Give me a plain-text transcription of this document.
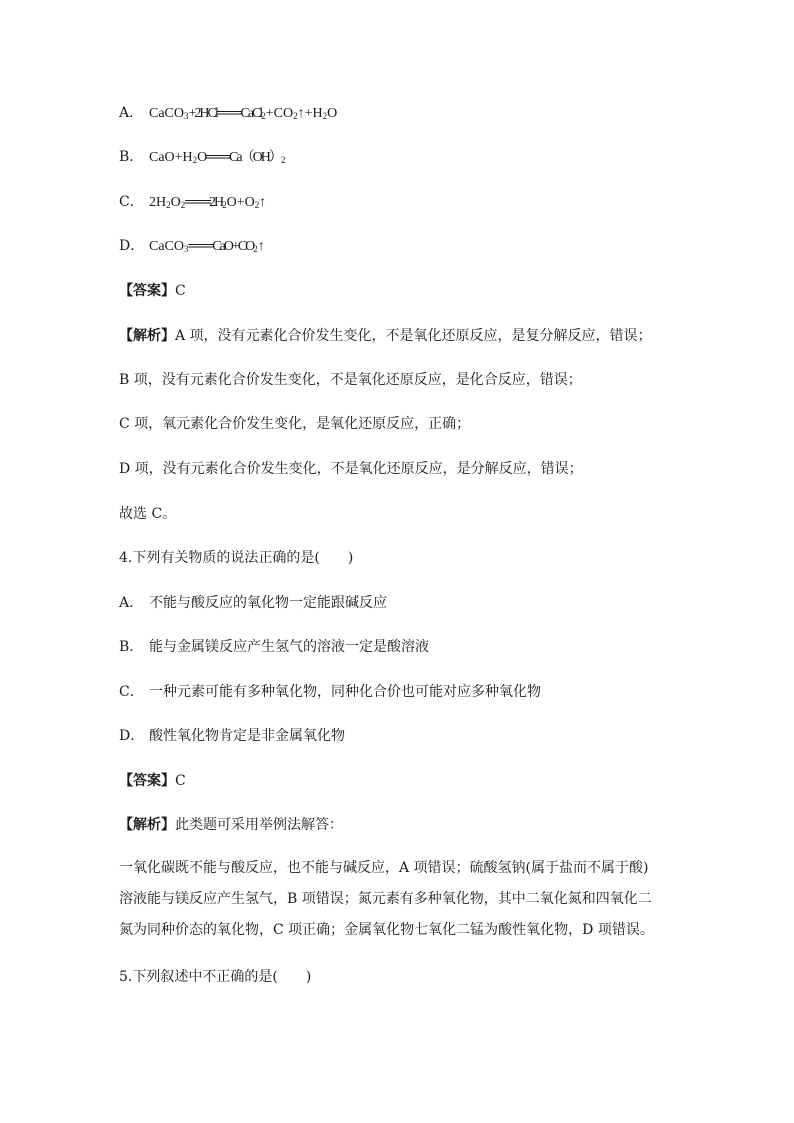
A． $CaCO_3+2HCl═══CaCl_2+CO_2↑+H_2O$
B． $CaO+H_2O═══Ca(OH)_2$
C． $2H_2O_2═══2H_2O+O_2↑$
D． $CaCO_3═══CaO+CO_2↑$
【答案】C
【解析】A 项，没有元素化合价发生变化，不是氧化还原反应，是复分解反应，错误；
B 项，没有元素化合价发生变化，不是氧化还原反应，是化合反应，错误；
C 项，氧元素化合价发生变化，是氧化还原反应，正确；
D 项，没有元素化合价发生变化，不是氧化还原反应，是分解反应，错误；
故选 C。
4.下列有关物质的说法正确的是(　　)
A． 不能与酸反应的氧化物一定能跟碱反应
B． 能与金属镁反应产生氢气的溶液一定是酸溶液
C． 一种元素可能有多种氧化物，同种化合价也可能对应多种氧化物
D． 酸性氧化物肯定是非金属氧化物
【答案】C
【解析】此类题可采用举例法解答：
一氧化碳既不能与酸反应，也不能与碱反应，A 项错误；硫酸氢钠(属于盐而不属于酸)溶液能与镁反应产生氢气，B 项错误；氮元素有多种氧化物，其中二氧化氮和四氧化二氮为同种价态的氧化物，C 项正确；金属氧化物七氧化二锰为酸性氧化物，D 项错误。
5.下列叙述中不正确的是(　　)
